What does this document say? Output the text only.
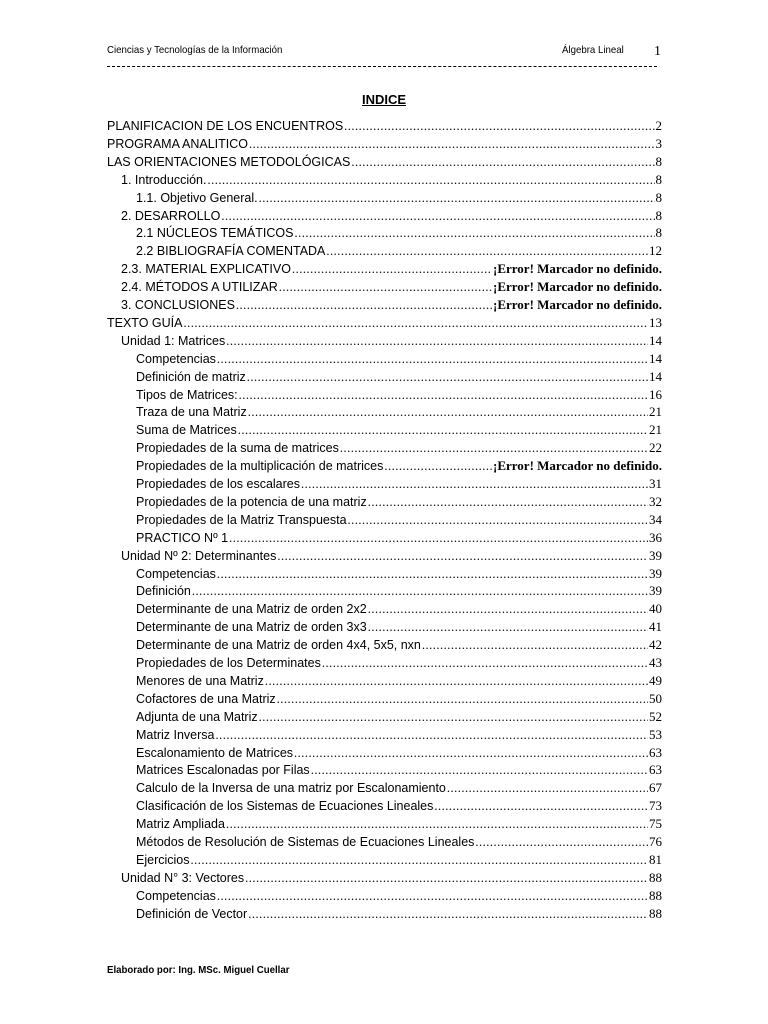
Ciencias y Tecnologías de la Información	Álgebra Lineal 1
INDICE
PLANIFICACION DE LOS ENCUENTROS .....	2
PROGRAMA ANALITICO .....	3
LAS ORIENTACIONES METODOLÓGICAS .....	8
1. Introducción. .....	8
1.1. Objetivo General. .....	8
2. DESARROLLO .....	8
2.1 NÚCLEOS TEMÁTICOS .....	8
2.2 BIBLIOGRAFÍA COMENTADA .....	12
2.3. MATERIAL EXPLICATIVO .....	¡Error! Marcador no definido.
2.4. MÉTODOS A UTILIZAR .....	¡Error! Marcador no definido.
3. CONCLUSIONES .....	¡Error! Marcador no definido.
TEXTO GUÍA .....	13
Unidad 1: Matrices .....	14
Competencias .....	14
Definición de matriz .....	14
Tipos de Matrices: .....	16
Traza de una Matriz .....	21
Suma de Matrices .....	21
Propiedades de la suma de matrices .....	22
Propiedades de la multiplicación de matrices .....	¡Error! Marcador no definido.
Propiedades de los escalares .....	31
Propiedades de la potencia de una matriz .....	32
Propiedades de la Matriz Transpuesta .....	34
PRACTICO Nº 1 .....	36
Unidad Nº 2: Determinantes .....	39
Competencias .....	39
Definición .....	39
Determinante de una Matriz de orden 2x2 .....	40
Determinante de una Matriz de orden 3x3 .....	41
Determinante de una Matriz de orden 4x4, 5x5, nxn .....	42
Propiedades de los Determinates .....	43
Menores de una Matriz .....	49
Cofactores de una Matriz .....	50
Adjunta de una Matriz .....	52
Matriz Inversa .....	53
Escalonamiento de Matrices .....	63
Matrices Escalonadas por Filas .....	63
Calculo de la Inversa de una matriz por Escalonamiento .....	67
Clasificación de los Sistemas de Ecuaciones Lineales .....	73
Matriz Ampliada .....	75
Métodos de Resolución de Sistemas de Ecuaciones Lineales .....	76
Ejercicios .....	81
Unidad N° 3: Vectores .....	88
Competencias .....	88
Definición de Vector .....	88
Elaborado por: Ing. MSc. Miguel Cuellar
